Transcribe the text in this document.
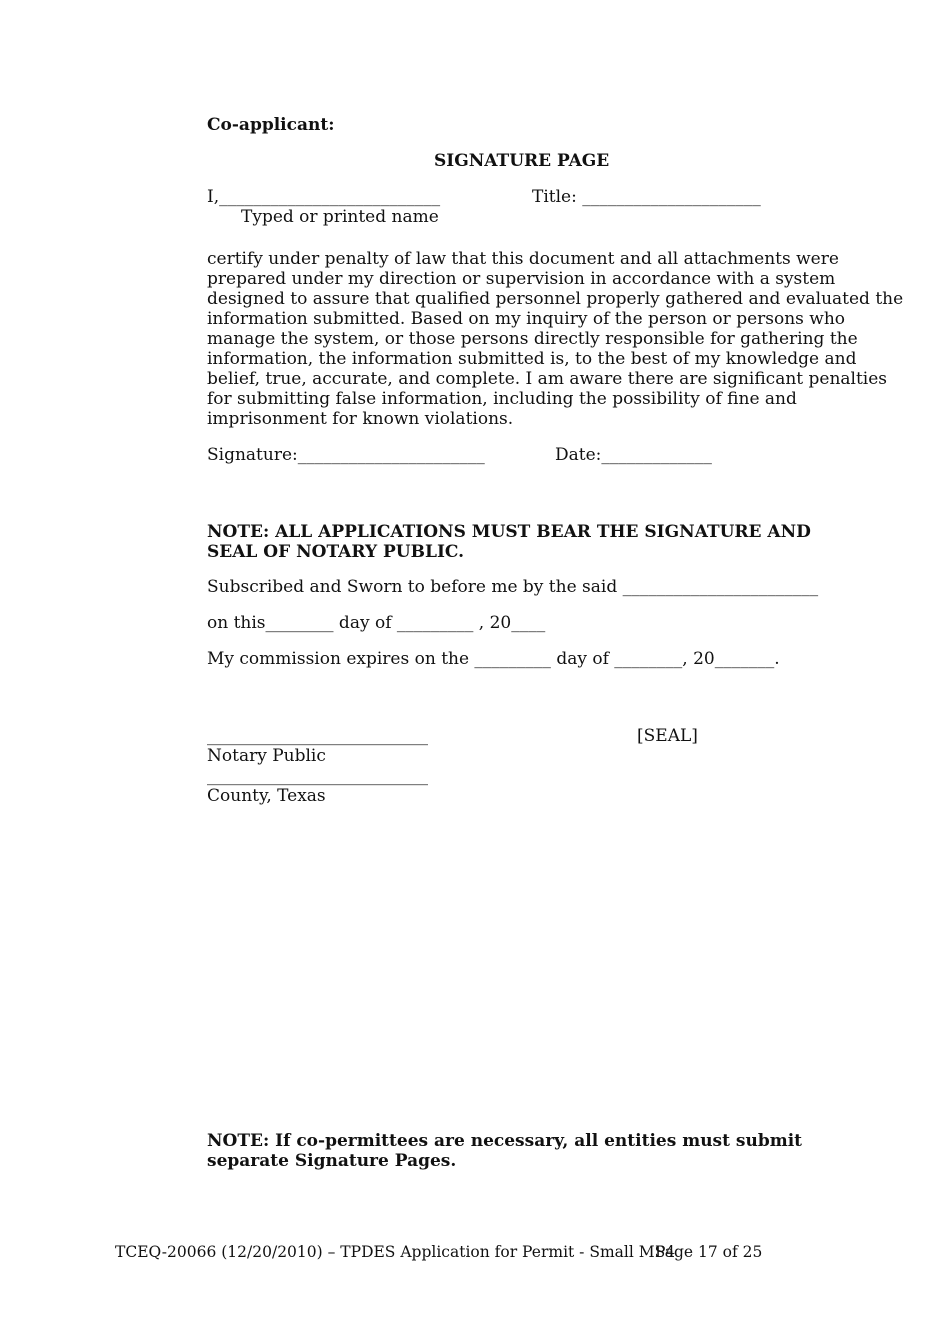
Co-applicant:
SIGNATURE PAGE
I,__________________________	Title: _____________________
Typed or printed name
certify under penalty of law that this document and all attachments were
prepared under my direction or supervision in accordance with a system
designed to assure that qualified personnel properly gathered and evaluated the
information submitted. Based on my inquiry of the person or persons who
manage the system, or those persons directly responsible for gathering the
information, the information submitted is, to the best of my knowledge and
belief, true, accurate, and complete. I am aware there are significant penalties
for submitting false information, including the possibility of fine and
imprisonment for known violations.
Signature:______________________	Date:_____________
NOTE: ALL APPLICATIONS MUST BEAR THE SIGNATURE AND
SEAL OF NOTARY PUBLIC.
Subscribed and Sworn to before me by the said _______________________
on this________ day of _________ , 20____
My commission expires on the _________ day of ________, 20_______.
__________________________	[SEAL]
Notary Public
__________________________
County, Texas
NOTE: If co-permittees are necessary, all entities must submit
separate Signature Pages.
TCEQ-20066 (12/20/2010) – TPDES Application for Permit - Small MS4
Page 17 of 25
